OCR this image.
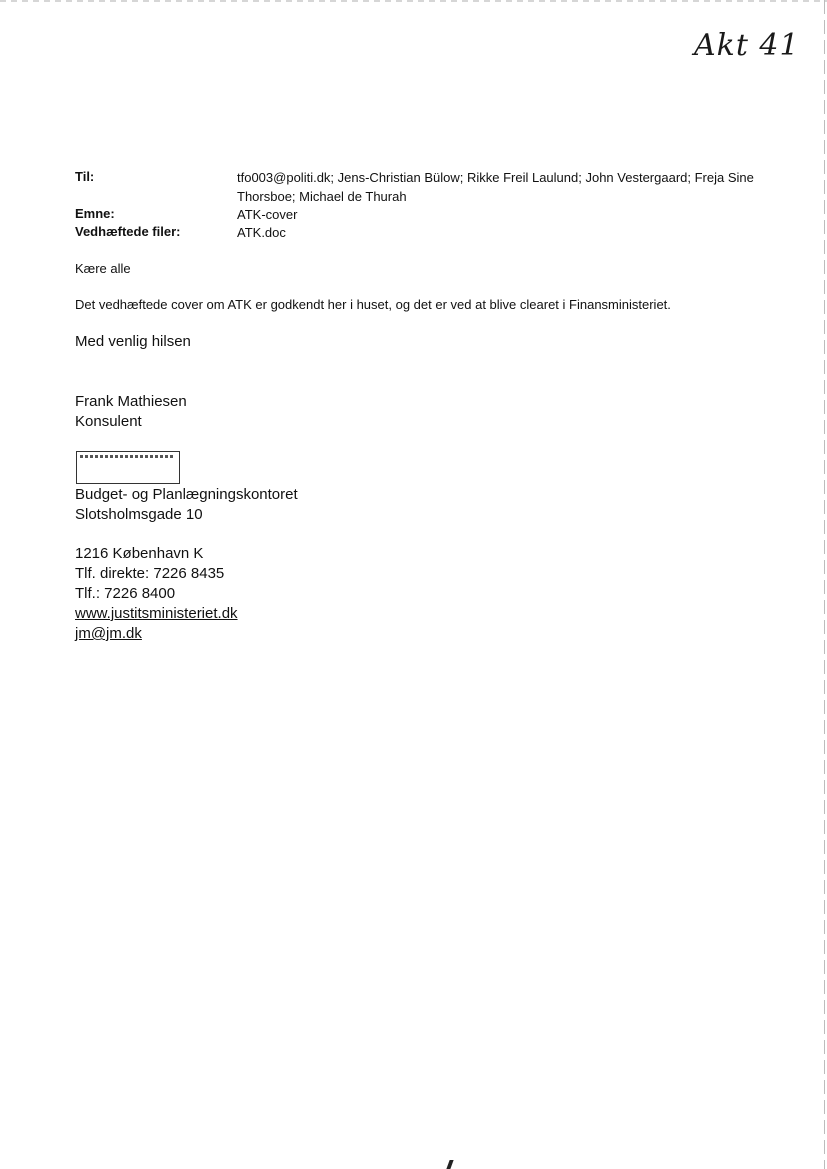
Akt 41
Til:	tfo003@politi.dk; Jens-Christian Bülow; Rikke Freil Laulund; John Vestergaard; Freja Sine Thorsboe; Michael de Thurah
Emne:	ATK-cover
Vedhæftede filer:	ATK.doc
Kære alle
Det vedhæftede cover om ATK er godkendt her i huset, og det er ved at blive clearet i Finansministeriet.
Med venlig hilsen
Frank Mathiesen
Konsulent
Budget- og Planlægningskontoret
Slotsholmsgade 10
1216 København K
Tlf. direkte: 7226 8435
Tlf.: 7226 8400
www.justitsministeriet.dk
jm@jm.dk
